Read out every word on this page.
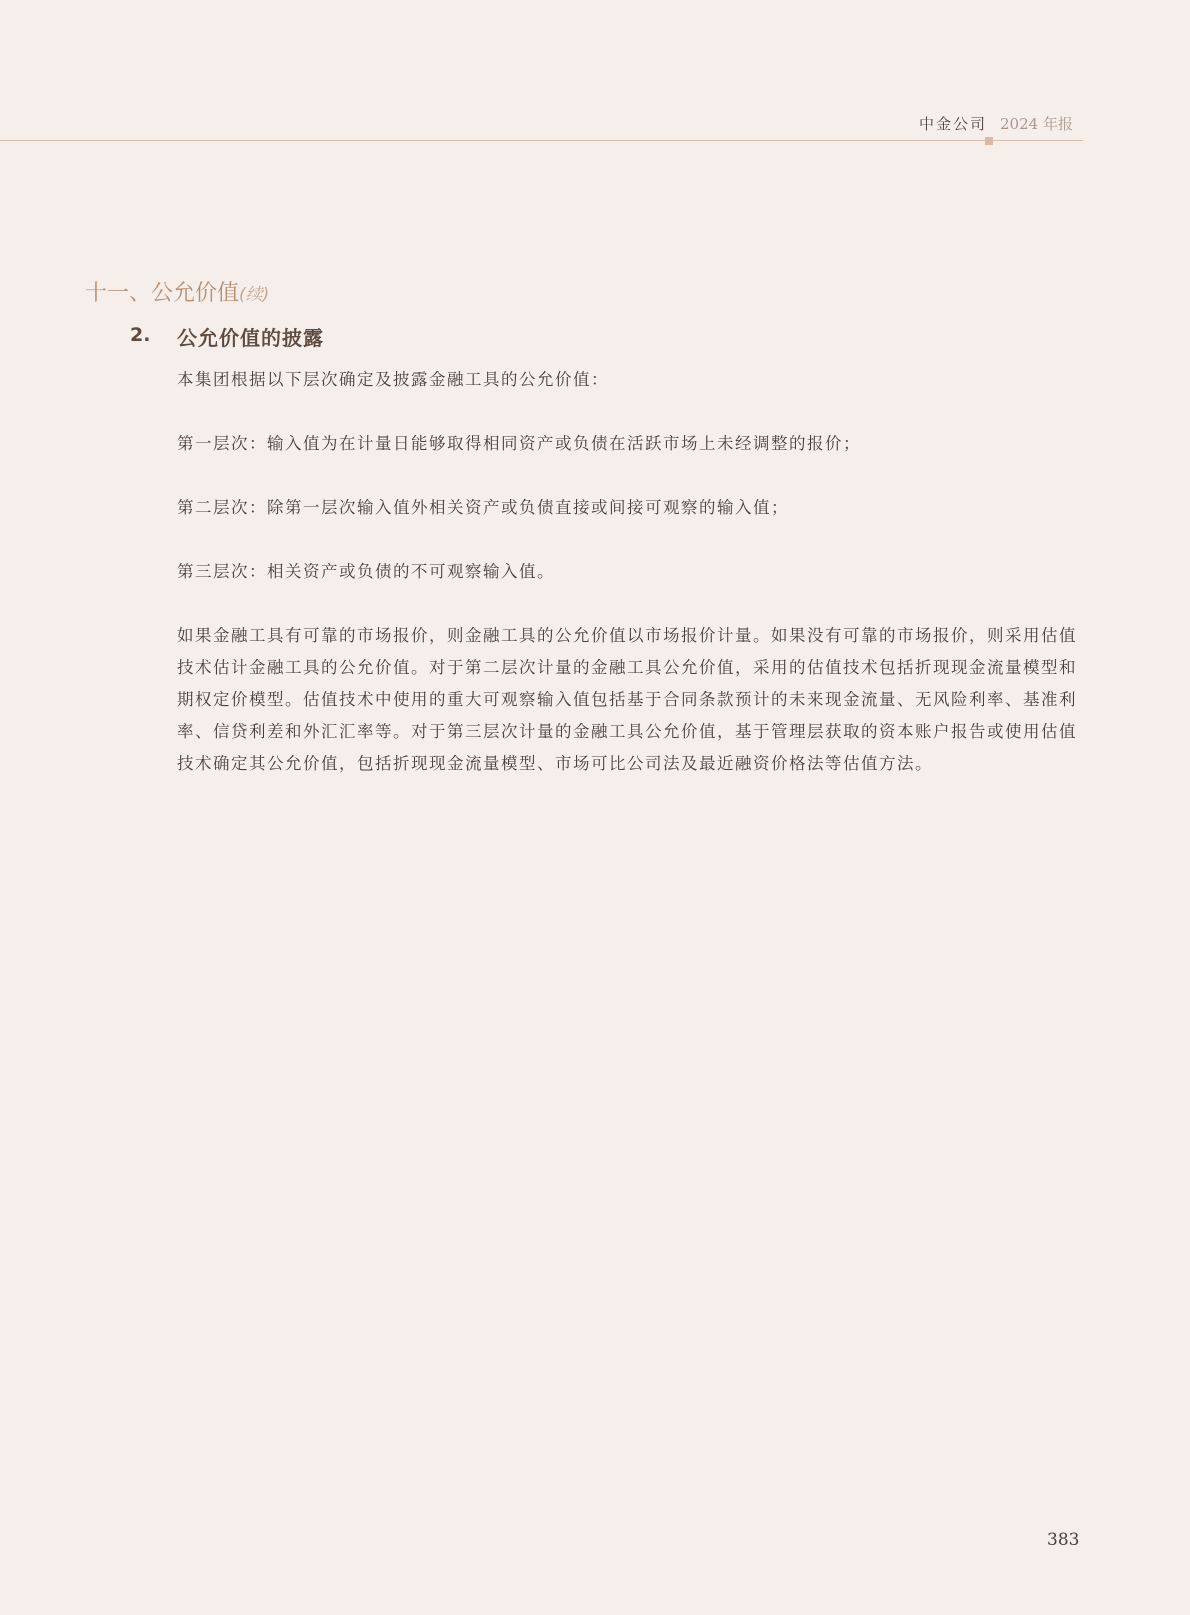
中金公司 2024 年报
十一、公允价值(续)
2. 公允价值的披露

本集团根据以下层次确定及披露金融工具的公允价值：

第一层次：输入值为在计量日能够取得相同资产或负债在活跃市场上未经调整的报价；

第二层次：除第一层次输入值外相关资产或负债直接或间接可观察的输入值；

第三层次：相关资产或负债的不可观察输入值。

如果金融工具有可靠的市场报价，则金融工具的公允价值以市场报价计量。如果没有可靠的市场报价，则采用估值技术估计金融工具的公允价值。对于第二层次计量的金融工具公允价值，采用的估值技术包括折现现金流量模型和期权定价模型。估值技术中使用的重大可观察输入值包括基于合同条款预计的未来现金流量、无风险利率、基准利率、信贷利差和外汇汇率等。对于第三层次计量的金融工具公允价值，基于管理层获取的资本账户报告或使用估值技术确定其公允价值，包括折现现金流量模型、市场可比公司法及最近融资价格法等估值方法。

383
